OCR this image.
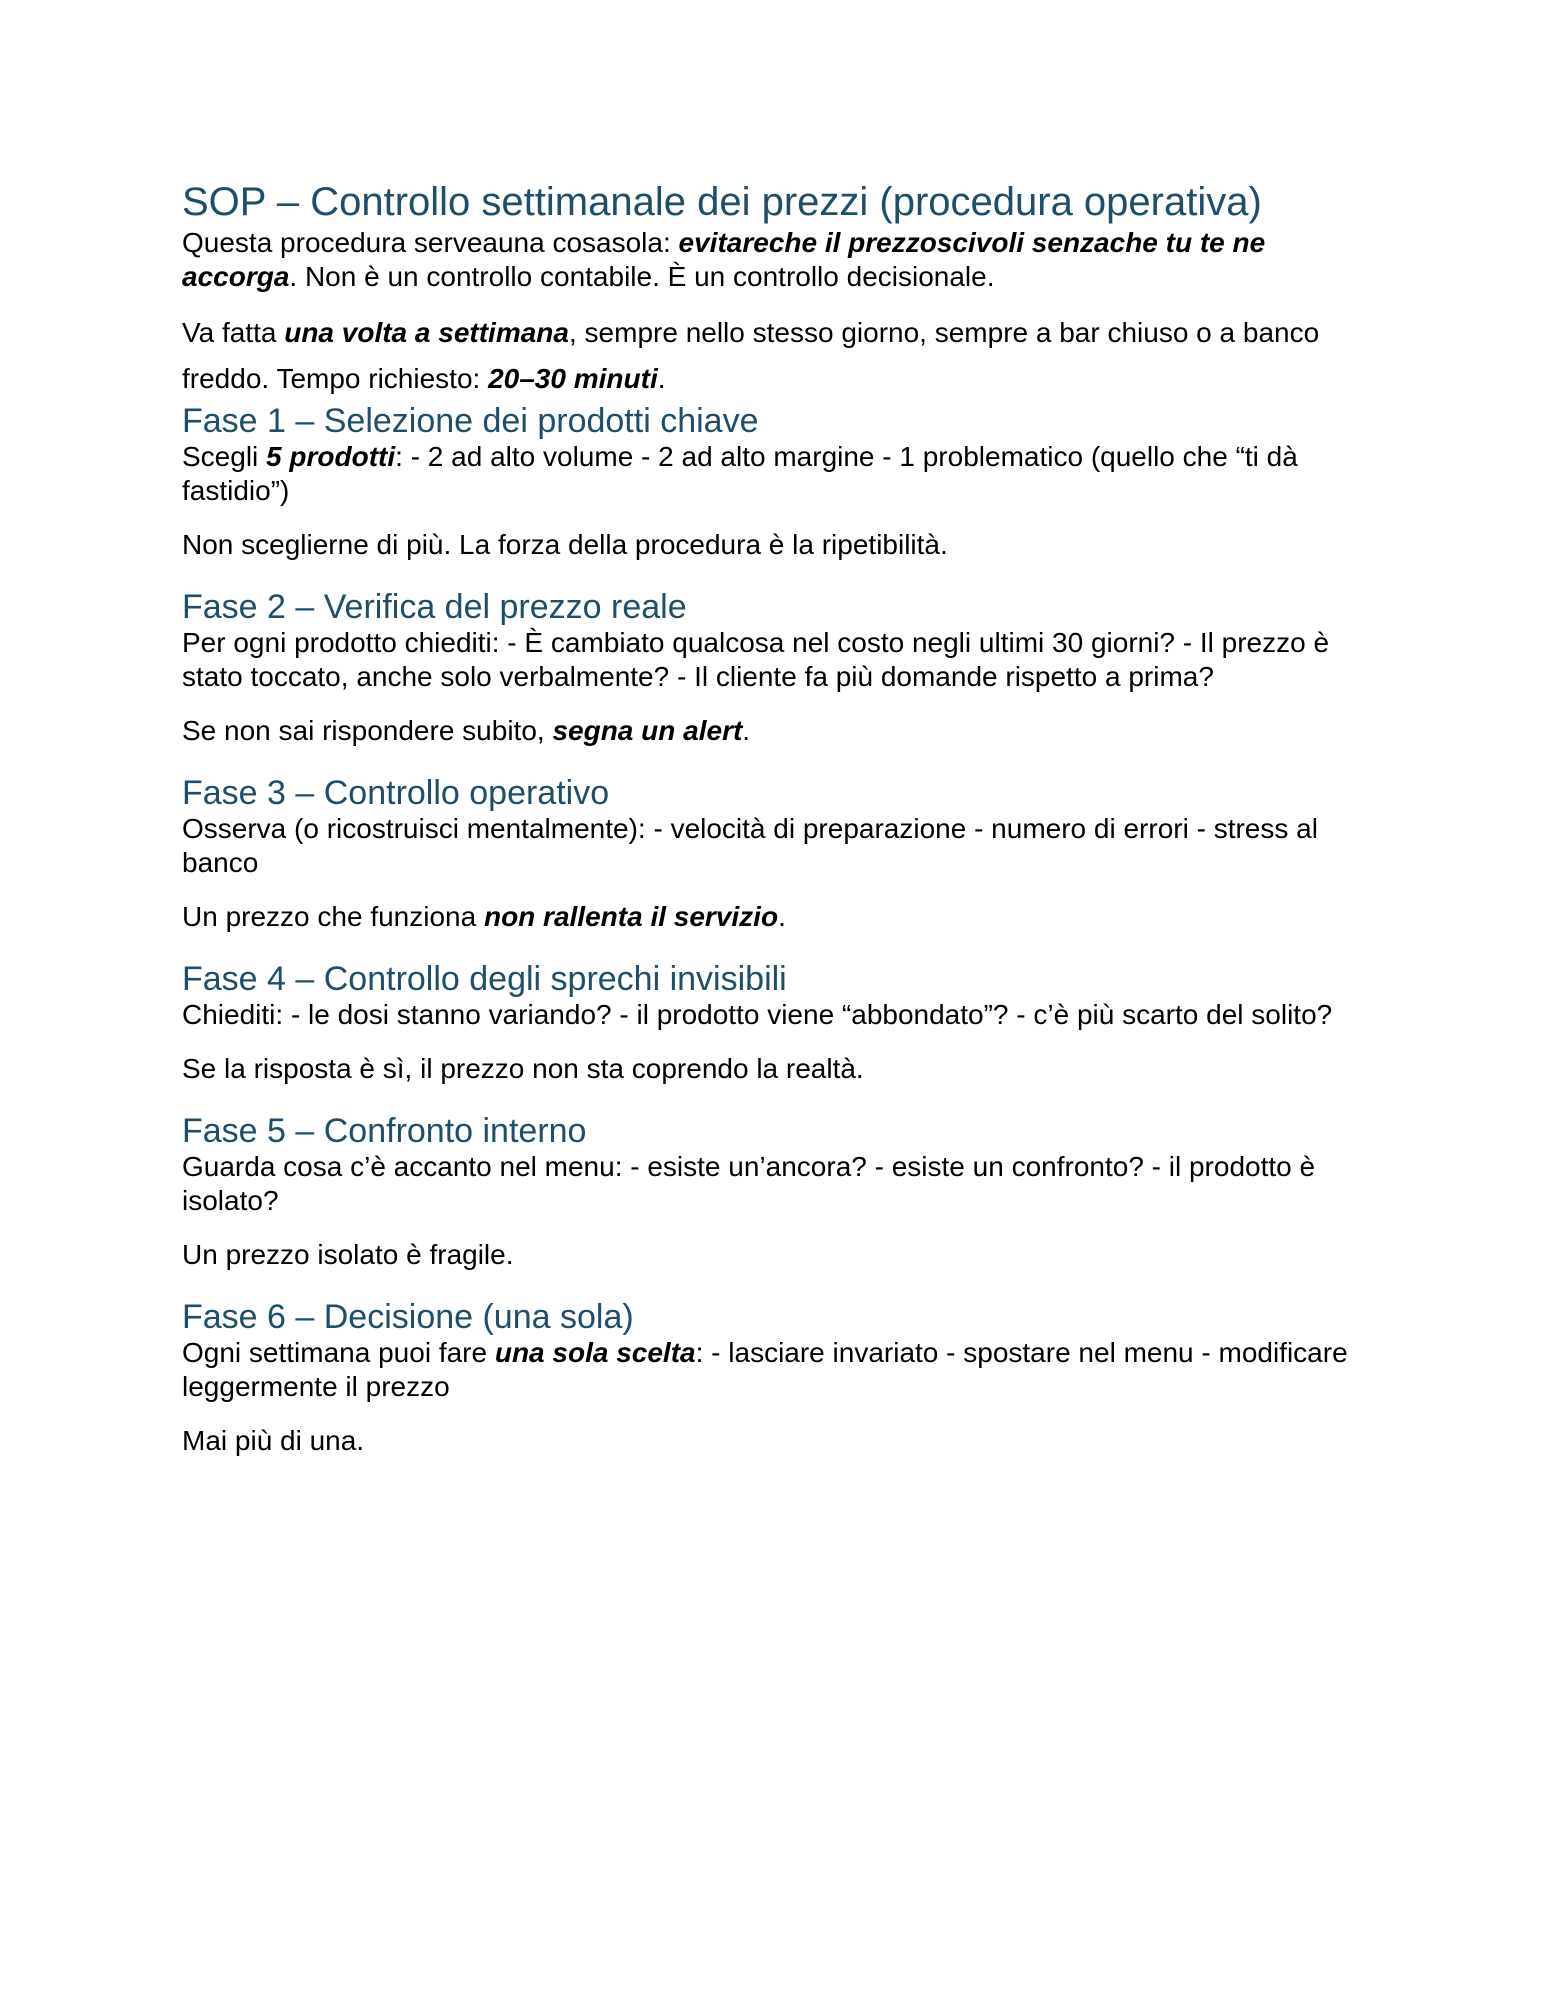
SOP – Controllo settimanale dei prezzi (procedura operativa)

Questa procedura serveauna cosasola: evitareche il prezzoscivoli senzache tu te ne accorga. Non è un controllo contabile. È un controllo decisionale.

Va fatta una volta a settimana, sempre nello stesso giorno, sempre a bar chiuso o a banco freddo. Tempo richiesto: 20–30 minuti.

Fase 1 – Selezione dei prodotti chiave

Scegli 5 prodotti: - 2 ad alto volume - 2 ad alto margine - 1 problematico (quello che “ti dà fastidio”)

Non sceglierne di più. La forza della procedura è la ripetibilità.

Fase 2 – Verifica del prezzo reale

Per ogni prodotto chiediti: - È cambiato qualcosa nel costo negli ultimi 30 giorni? - Il prezzo è stato toccato, anche solo verbalmente? - Il cliente fa più domande rispetto a prima?

Se non sai rispondere subito, segna un alert.

Fase 3 – Controllo operativo

Osserva (o ricostruisci mentalmente): - velocità di preparazione - numero di errori - stress al banco

Un prezzo che funziona non rallenta il servizio.

Fase 4 – Controllo degli sprechi invisibili

Chiediti: - le dosi stanno variando? - il prodotto viene “abbondato”? - c’è più scarto del solito?

Se la risposta è sì, il prezzo non sta coprendo la realtà.

Fase 5 – Confronto interno

Guarda cosa c’è accanto nel menu: - esiste un’ancora? - esiste un confronto? - il prodotto è isolato?

Un prezzo isolato è fragile.

Fase 6 – Decisione (una sola)

Ogni settimana puoi fare una sola scelta: - lasciare invariato - spostare nel menu - modificare leggermente il prezzo

Mai più di una.
